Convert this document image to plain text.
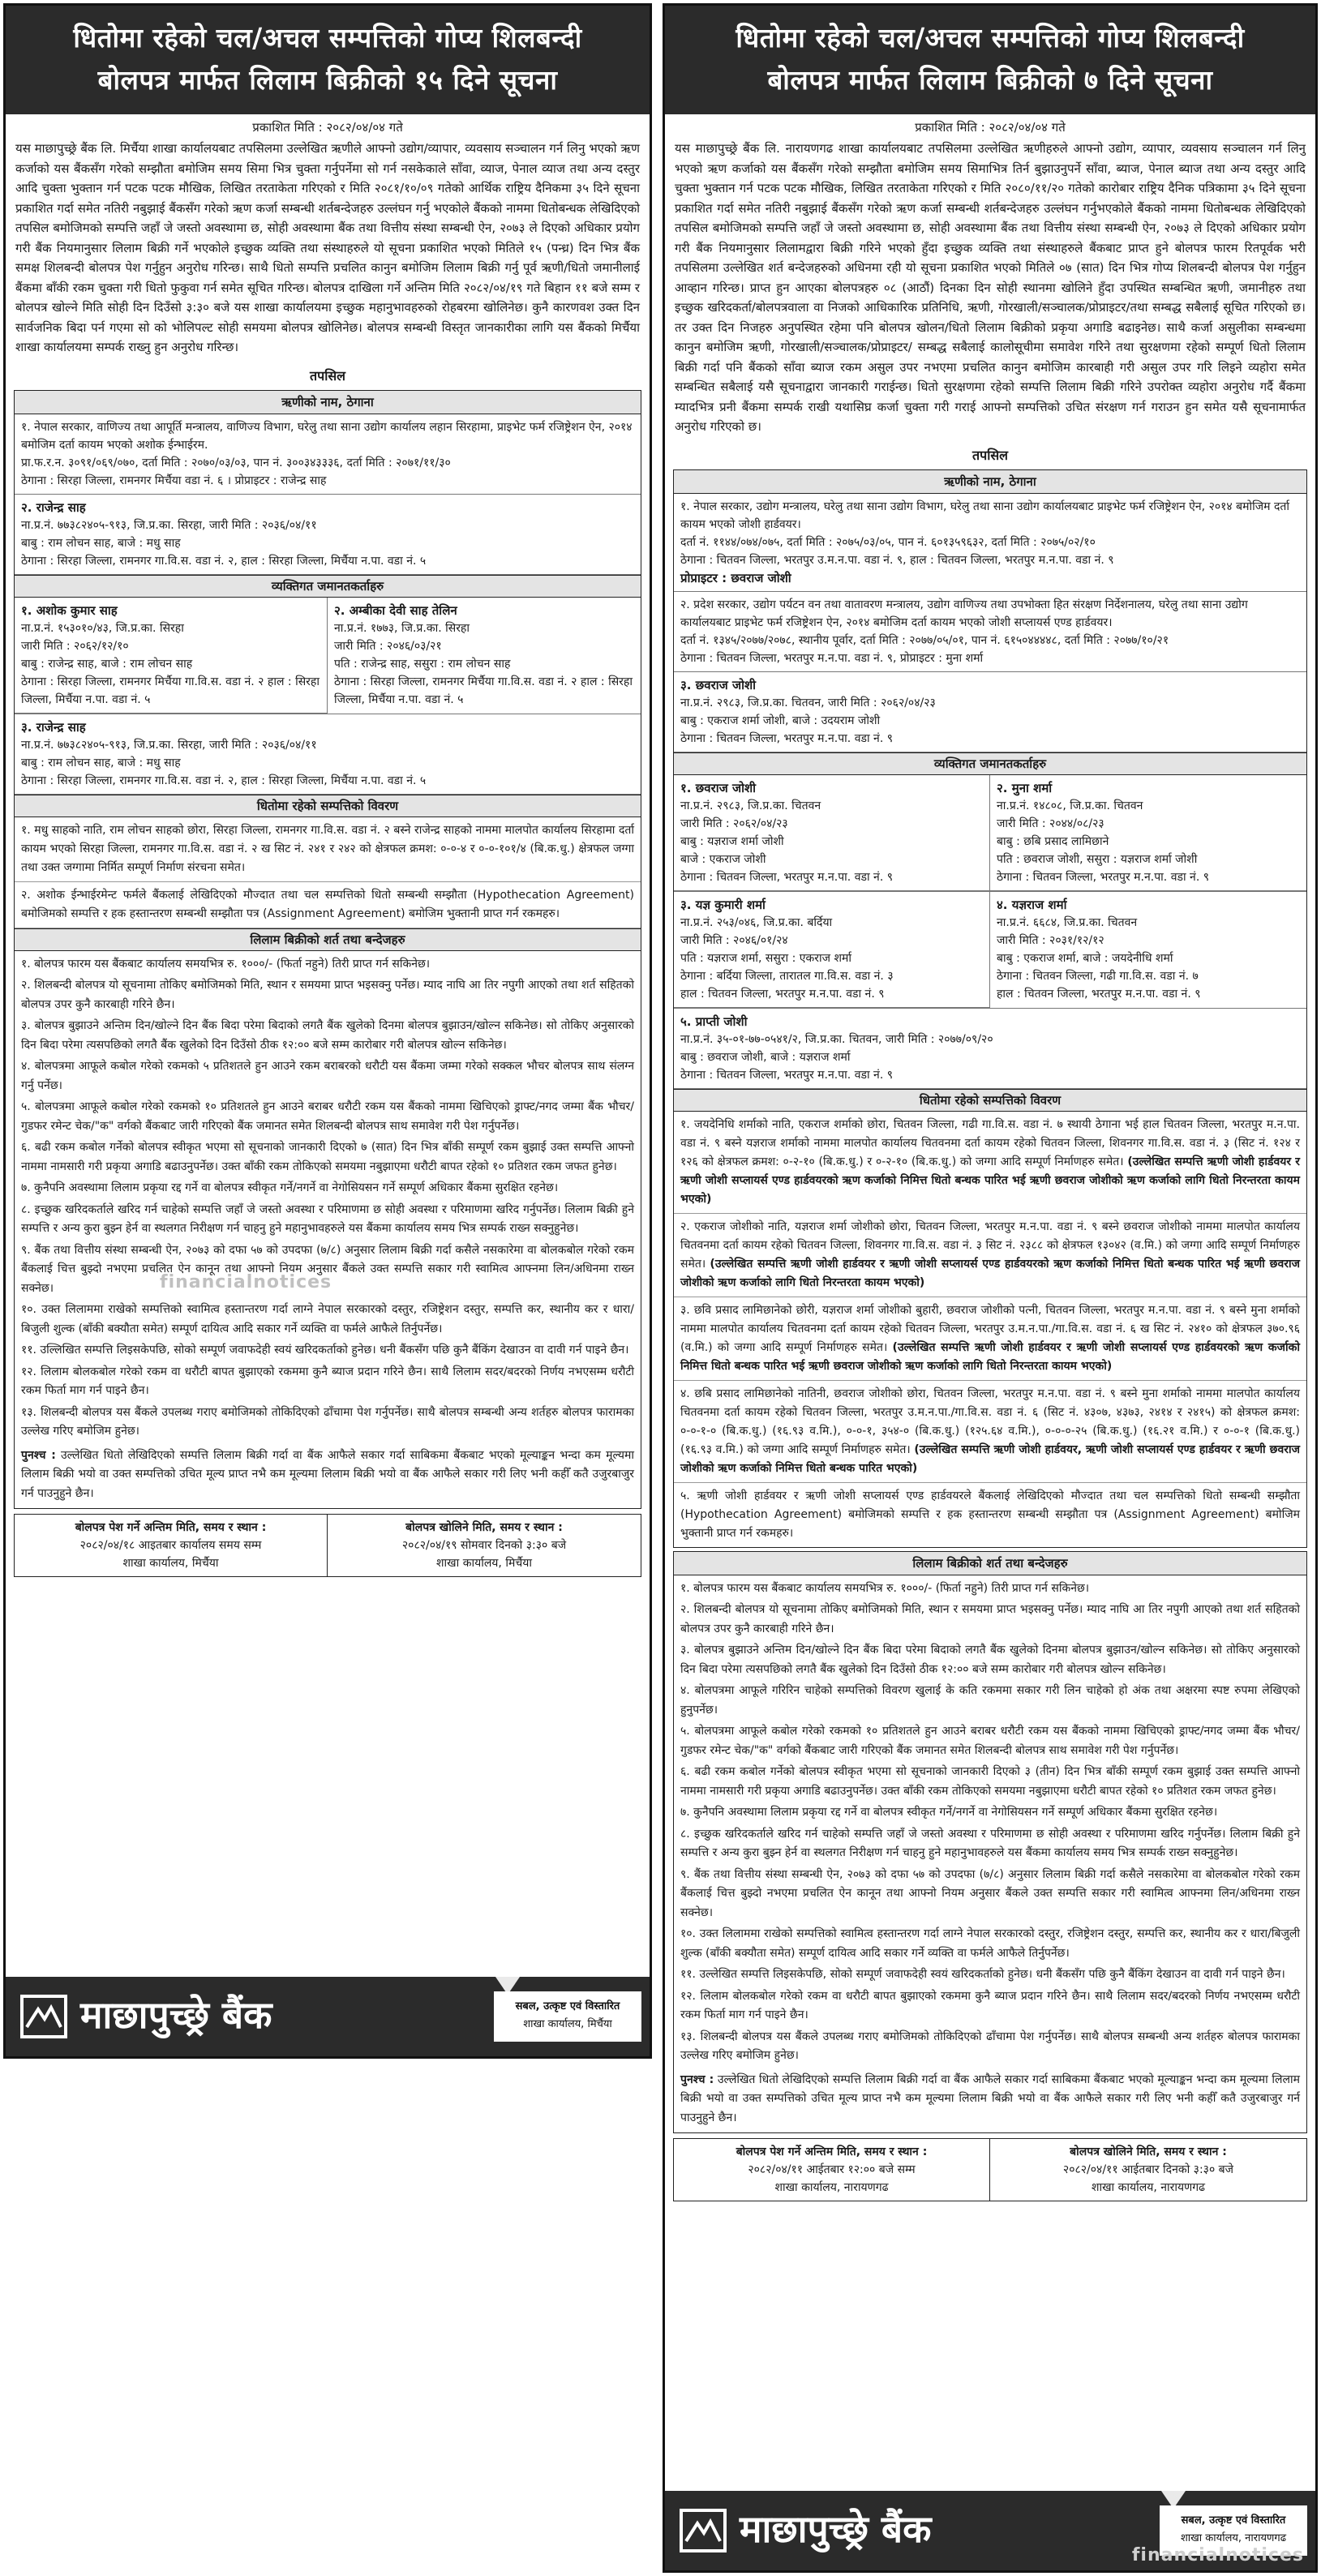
धितोमा रहेको चल/अचल सम्पत्तिको गोप्य शिलबन्दी
बोलपत्र मार्फत लिलाम बिक्रीको १५ दिने सूचना
प्रकाशित मिति : २०८२/०४/०४ गते
यस माछापुच्छ्रे बैंक लि. मिर्चैया शाखा कार्यालयबाट तपसिलमा उल्लेखित ऋणीले आफ्नो उद्योग/व्यापार, व्यवसाय सञ्चालन गर्न लिनु भएको ऋण कर्जाको यस बैंकसँग गरेको सम्झौता बमोजिम समय सिमा भित्र चुक्ता गर्नुपर्नेमा सो गर्न नसकेकाले साँवा, व्याज, पेनाल व्याज तथा अन्य दस्तुर आदि चुक्ता भुक्तान गर्न पटक पटक मौखिक, लिखित तरताकेता गरिएको र मिति २०८१/१०/०९ गतेको आर्थिक राष्ट्रिय दैनिकमा ३५ दिने सूचना प्रकाशित गर्दा समेत नतिरी नबुझाई बैंकसँग गरेको ऋण कर्जा सम्बन्धी शर्तबन्देजहरु उल्लंघन गर्नु भएकोले बैंकको नाममा धितोबन्धक लेखिदिएको तपसिल बमोजिमको सम्पत्ति जहाँ जे जस्तो अवस्थामा छ, सोही अवस्थामा बैंक तथा वित्तीय संस्था सम्बन्धी ऐन, २०७३ ले दिएको अधिकार प्रयोग गरी बैंक नियमानुसार लिलाम बिक्री गर्ने भएकोले इच्छुक व्यक्ति तथा संस्थाहरुले यो सूचना प्रकाशित भएको मितिले १५ (पन्ध्र) दिन भित्र बैंक समक्ष शिलबन्दी बोलपत्र पेश गर्नुहुन अनुरोध गरिन्छ। साथै धितो सम्पत्ति प्रचलित कानुन बमोजिम लिलाम बिक्री गर्नु पूर्व ऋणी/धितो जमानीलाई बैंकमा बाँकी रकम चुक्ता गरी धितो फुकुवा गर्न समेत सूचित गरिन्छ। बोलपत्र दाखिला गर्ने अन्तिम मिति २०८२/०४/१९ गते बिहान ११ बजे सम्म र बोलपत्र खोल्ने मिति सोही दिन दिउँसो ३:३० बजे यस शाखा कार्यालयमा इच्छुक महानुभावहरुको रोहबरमा खोलिनेछ। कुनै कारणवश उक्त दिन सार्वजनिक बिदा पर्न गएमा सो को भोलिपल्ट सोही समयमा बोलपत्र खोलिनेछ। बोलपत्र सम्बन्धी विस्तृत जानकारीका लागि यस बैंकको मिर्चैया शाखा कार्यालयमा सम्पर्क राख्नु हुन अनुरोध गरिन्छ।
तपसिल
ऋणीको नाम, ठेगाना
१. नेपाल सरकार, वाणिज्य तथा आपूर्ति मन्त्रालय, वाणिज्य विभाग, घरेलु तथा साना उद्योग कार्यालय लहान सिरहामा, प्राइभेट फर्म रजिष्ट्रेशन ऐन, २०१४ बमोजिम दर्ता कायम भएको अशोक ईन्भाईरम.
प्रा.फ.र.न. ३०९१/०६९/०७०, दर्ता मिति : २०७०/०३/०३, पान नं. ३००३४३३३६, दर्ता मिति : २०७१/११/३०
ठेगाना : सिरहा जिल्ला, रामनगर मिर्चैया वडा नं. ६ । प्रोप्राइटर : राजेन्द्र साह
२. राजेन्द्र साह
ना.प्र.नं. ७७३८२४०५-९१३, जि.प्र.का. सिरहा, जारी मिति : २०३६/०४/११
बाबु : राम लोचन साह, बाजे : मधु साह
ठेगाना : सिरहा जिल्ला, रामनगर गा.वि.स. वडा नं. २, हाल : सिरहा जिल्ला, मिर्चैया न.पा. वडा नं. ५
व्यक्तिगत जमानतकर्ताहरु
१. अशोक कुमार साह
ना.प्र.नं. १५३०१०/४३, जि.प्र.का. सिरहा
जारी मिति : २०६२/१२/१०
बाबु : राजेन्द्र साह, बाजे : राम लोचन साह
ठेगाना : सिरहा जिल्ला, रामनगर मिर्चैया गा.वि.स. वडा नं. २ हाल : सिरहा जिल्ला, मिर्चैया न.पा. वडा नं. ५
२. अम्बीका देवी साह तेलिन
ना.प्र.नं. १७७३, जि.प्र.का. सिरहा
जारी मिति : २०४६/०३/२१
पति : राजेन्द्र साह, ससुरा : राम लोचन साह
ठेगाना : सिरहा जिल्ला, रामनगर मिर्चैया गा.वि.स. वडा नं. २ हाल : सिरहा जिल्ला, मिर्चैया न.पा. वडा नं. ५
३. राजेन्द्र साह
ना.प्र.नं. ७७३८२४०५-९१३, जि.प्र.का. सिरहा, जारी मिति : २०३६/०४/११
बाबु : राम लोचन साह, बाजे : मधु साह
ठेगाना : सिरहा जिल्ला, रामनगर गा.वि.स. वडा नं. २, हाल : सिरहा जिल्ला, मिर्चैया न.पा. वडा नं. ५
धितोमा रहेको सम्पत्तिको विवरण
१. मधु साहको नाति, राम लोचन साहको छोरा, सिरहा जिल्ला, रामनगर गा.वि.स. वडा नं. २ बस्ने राजेन्द्र साहको नाममा मालपोत कार्यालय सिरहामा दर्ता कायम भएको सिरहा जिल्ला, रामनगर गा.वि.स. वडा नं. २ ख सिट नं. २४१ र २४२ को क्षेत्रफल क्रमश: ०-०-४ र ०-०-१०१/४ (बि.क.धु.) क्षेत्रफल जग्गा तथा उक्त जग्गामा निर्मित सम्पूर्ण निर्माण संरचना समेत।
२. अशोक ईन्भाईरमेन्ट फर्मले बैंकलाई लेखिदिएको मौज्दात तथा चल सम्पत्तिको धितो सम्बन्धी सम्झौता (Hypothecation Agreement) बमोजिमको सम्पत्ति र हक हस्तान्तरण सम्बन्धी सम्झौता पत्र (Assignment Agreement) बमोजिम भुक्तानी प्राप्त गर्न रकमहरु।
लिलाम बिक्रीको शर्त तथा बन्देजहरु
१. बोलपत्र फारम यस बैंकबाट कार्यालय समयभित्र रु. १०००/- (फिर्ता नहुने) तिरी प्राप्त गर्न सकिनेछ।
२. शिलबन्दी बोलपत्र यो सूचनामा तोकिए बमोजिमको मिति, स्थान र समयमा प्राप्त भइसक्नु पर्नेछ। म्याद नाघि आ तिर नपुगी आएको तथा शर्त सहितको बोलपत्र उपर कुनै कारबाही गरिने छैन।
३. बोलपत्र बुझाउने अन्तिम दिन/खोल्ने दिन बैंक बिदा परेमा बिदाको लगतै बैंक खुलेको दिनमा बोलपत्र बुझाउन/खोल्न सकिनेछ। सो तोकिए अनुसारको दिन बिदा परेमा त्यसपछिको लगतै बैंक खुलेको दिन दिउँसो ठीक १२:०० बजे सम्म कारोबार गरी बोलपत्र खोल्न सकिनेछ।
४. बोलपत्रमा आफूले कबोल गरेको रकमको ५ प्रतिशतले हुन आउने रकम बराबरको धरौटी यस बैंकमा जम्मा गरेको सक्कल भौचर बोलपत्र साथ संलग्न गर्नु पर्नेछ।
५. बोलपत्रमा आफूले कबोल गरेको रकमको १० प्रतिशतले हुन आउने बराबर धरौटी रकम यस बैंकको नाममा खिचिएको ड्राफ्ट/नगद जम्मा बैंक भौचर/गुडफर रमेन्ट चेक/"क" वर्गको बैंकबाट जारी गरिएको बैंक जमानत समेत शिलबन्दी बोलपत्र साथ समावेश गरी पेश गर्नुपर्नेछ।
६. बढी रकम कबोल गर्नेको बोलपत्र स्वीकृत भएमा सो सूचनाको जानकारी दिएको ७ (सात) दिन भित्र बाँकी सम्पूर्ण रकम बुझाई उक्त सम्पत्ति आफ्नो नाममा नामसारी गरी प्रकृया अगाडि बढाउनुपर्नेछ। उक्त बाँकी रकम तोकिएको समयमा नबुझाएमा धरौटी बापत रहेको १० प्रतिशत रकम जफत हुनेछ।
७. कुनैपनि अवस्थामा लिलाम प्रकृया रद्द गर्ने वा बोलपत्र स्वीकृत गर्ने/नगर्ने वा नेगोसियसन गर्ने सम्पूर्ण अधिकार बैंकमा सुरक्षित रहनेछ।
८. इच्छुक खरिदकर्ताले खरिद गर्न चाहेको सम्पत्ति जहाँ जे जस्तो अवस्था र परिमाणमा छ सोही अवस्था र परिमाणमा खरिद गर्नुपर्नेछ। लिलाम बिक्री हुने सम्पत्ति र अन्य कुरा बुझ्न हेर्न वा स्थलगत निरीक्षण गर्न चाहनु हुने महानुभावहरुले यस बैंकमा कार्यालय समय भित्र सम्पर्क राख्न सक्नुहुनेछ।
९. बैंक तथा वित्तीय संस्था सम्बन्धी ऐन, २०७३ को दफा ५७ को उपदफा (७/८) अनुसार लिलाम बिक्री गर्दा कसैले नसकारेमा वा बोलकबोल गरेको रकम बैंकलाई चित्त बुझ्दो नभएमा प्रचलित ऐन कानून तथा आफ्नो नियम अनुसार बैंकले उक्त सम्पत्ति सकार गरी स्वामित्व आफ्नमा लिन/अधिनमा राख्न सक्नेछ।
१०. उक्त लिलाममा राखेको सम्पत्तिको स्वामित्व हस्तान्तरण गर्दा लाग्ने नेपाल सरकारको दस्तुर, रजिष्ट्रेशन दस्तुर, सम्पत्ति कर, स्थानीय कर र धारा/बिजुली शुल्क (बाँकी बक्यौता समेत) सम्पूर्ण दायित्व आदि सकार गर्ने व्यक्ति वा फर्मले आफैले तिर्नुपर्नेछ।
११. उल्लिखित सम्पत्ति लिइसकेपछि, सोको सम्पूर्ण जवाफदेही स्वयं खरिदकर्ताको हुनेछ। धनी बैंकसँग पछि कुनै बैंकिंग देखाउन वा दावी गर्न पाइने छैन।
१२. लिलाम बोलकबोल गरेको रकम वा धरौटी बापत बुझाएको रकममा कुनै ब्याज प्रदान गरिने छैन। साथै लिलाम सदर/बदरको निर्णय नभएसम्म धरौटी रकम फिर्ता माग गर्न पाइने छैन।
१३. शिलबन्दी बोलपत्र यस बैंकले उपलब्ध गराए बमोजिमको तोकिदिएको ढाँचामा पेश गर्नुपर्नेछ। साथै बोलपत्र सम्बन्धी अन्य शर्तहरु बोलपत्र फारामका उल्लेख गरिए बमोजिम हुनेछ।
पुनश्च : उल्लेखित धितो लेखिदिएको सम्पत्ति लिलाम बिक्री गर्दा वा बैंक आफैले सकार गर्दा साबिकमा बैंकबाट भएको मूल्याङ्कन भन्दा कम मूल्यमा लिलाम बिक्री भयो वा उक्त सम्पत्तिको उचित मूल्य प्राप्त नभै कम मूल्यमा लिलाम बिक्री भयो वा बैंक आफैले सकार गरी लिए भनी कहीँ कतै उजुरबाजुर गर्न पाउनुहुने छैन।
बोलपत्र पेश गर्ने अन्तिम मिति, समय र स्थान :
२०८२/०४/१८ आइतबार कार्यालय समय सम्म
शाखा कार्यालय, मिर्चैया
बोलपत्र खोलिने मिति, समय र स्थान :
२०८२/०४/१९ सोमवार दिनको ३:३० बजे
शाखा कार्यालय, मिर्चैया
financialnotices
माछापुच्छ्रे बैंक	सबल, उत्कृष्ट एवं विस्तारित
शाखा कार्यालय, मिर्चैया
धितोमा रहेको चल/अचल सम्पत्तिको गोप्य शिलबन्दी
बोलपत्र मार्फत लिलाम बिक्रीको ७ दिने सूचना
प्रकाशित मिति : २०८२/०४/०४ गते
यस माछापुच्छ्रे बैंक लि. नारायणगढ शाखा कार्यालयबाट तपसिलमा उल्लेखित ऋणीहरुले आफ्नो उद्योग, व्यापार, व्यवसाय सञ्चालन गर्न लिनु भएको ऋण कर्जाको यस बैंकसँग गरेको सम्झौता बमोजिम समय सिमाभित्र तिर्न बुझाउनुपर्ने साँवा, ब्याज, पेनाल ब्याज तथा अन्य दस्तुर आदि चुक्ता भुक्तान गर्न पटक पटक मौखिक, लिखित तरताकेता गरिएको र मिति २०८०/११/२० गतेको कारोबार राष्ट्रिय दैनिक पत्रिकामा ३५ दिने सूचना प्रकाशित गर्दा समेत नतिरी नबुझाई बैंकसँग गरेको ऋण कर्जा सम्बन्धी शर्तबन्देजहरु उल्लंघन गर्नुभएकोले बैंकको नाममा धितोबन्धक लेखिदिएको तपसिल बमोजिमको सम्पत्ति जहाँ जे जस्तो अवस्थामा छ, सोही अवस्थामा बैंक तथा वित्तीय संस्था सम्बन्धी ऐन, २०७३ ले दिएको अधिकार प्रयोग गरी बैंक नियमानुसार लिलामद्वारा बिक्री गरिने भएको हुँदा इच्छुक व्यक्ति तथा संस्थाहरुले बैंकबाट प्राप्त हुने बोलपत्र फारम रितपूर्वक भरी तपसिलमा उल्लेखित शर्त बन्देजहरुको अधिनमा रही यो सूचना प्रकाशित भएको मितिले ०७ (सात) दिन भित्र गोप्य शिलबन्दी बोलपत्र पेश गर्नुहुन आव्हान गरिन्छ। प्राप्त हुन आएका बोलपत्रहरु ०८ (आठौं) दिनका दिन सोही स्थानमा खोलिने हुँदा उपस्थित सम्बन्धित ऋणी, जमानीहरु तथा इच्छुक खरिदकर्ता/बोलपत्रवाला वा निजको आधिकारिक प्रतिनिधि, ऋणी, गोरखाली/सञ्चालक/प्रोप्राइटर/तथा सम्बद्ध सबैलाई सूचित गरिएको छ। तर उक्त दिन निजहरु अनुपस्थित रहेमा पनि बोलपत्र खोलन/धितो लिलाम बिक्रीको प्रकृया अगाडि बढाइनेछ। साथै कर्जा असुलीका सम्बन्धमा कानुन बमोजिम ऋणी, गोरखाली/सञ्चालक/प्रोप्राइटर/ सम्बद्ध सबैलाई कालोसूचीमा समावेश गरिने तथा सुरक्षणमा रहेको सम्पूर्ण धितो लिलाम बिक्री गर्दा पनि बैंकको साँवा ब्याज रकम असुल उपर नभएमा प्रचलित कानुन बमोजिम कारबाही गरी असुल उपर गरि लिइने व्यहोरा समेत सम्बन्धित सबैलाई यसै सूचनाद्वारा जानकारी गराईन्छ। धितो सुरक्षणमा रहेको सम्पत्ति लिलाम बिक्री गरिने उपरोक्त व्यहोरा अनुरोध गर्दै बैंकमा म्यादभित्र प्रनी बैंकमा सम्पर्क राखी यथासिघ्र कर्जा चुक्ता गरी गराई आफ्नो सम्पत्तिको उचित संरक्षण गर्न गराउन हुन समेत यसै सूचनामार्फत अनुरोध गरिएको छ।
तपसिल
ऋणीको नाम, ठेगाना
१. नेपाल सरकार, उद्योग मन्त्रालय, घरेलु तथा साना उद्योग विभाग, घरेलु तथा साना उद्योग कार्यालयबाट प्राइभेट फर्म रजिष्ट्रेशन ऐन, २०१४ बमोजिम दर्ता कायम भएको जोशी हार्डवयर।
दर्ता नं. ११४४/०७४/०७५, दर्ता मिति : २०७५/०३/०५, पान नं. ६०१३५९६३२, दर्ता मिति : २०७५/०२/१०
ठेगाना : चितवन जिल्ला, भरतपुर उ.म.न.पा. वडा नं. ९, हाल : चितवन जिल्ला, भरतपुर म.न.पा. वडा नं. ९
प्रोप्राइटर : छवराज जोशी
२. प्रदेश सरकार, उद्योग पर्यटन वन तथा वातावरण मन्त्रालय, उद्योग वाणिज्य तथा उपभोक्ता हित संरक्षण निर्देशनालय, घरेलु तथा साना उद्योग कार्यालयबाट प्राइभेट फर्म रजिष्ट्रेशन ऐन, २०१४ बमोजिम दर्ता कायम भएको जोशी सप्लायर्स एण्ड हार्डवयर।
दर्ता नं. १३४५/२०७७/२०७८, स्थानीय पूर्वार, दर्ता मिति : २०७७/०५/०१, पान नं. ६१५०४४४४८, दर्ता मिति : २०७७/१०/२१
ठेगाना : चितवन जिल्ला, भरतपुर म.न.पा. वडा नं. ९, प्रोप्राइटर : मुना शर्मा
३. छवराज जोशी
ना.प्र.नं. २९८३, जि.प्र.का. चितवन, जारी मिति : २०६२/०४/२३
बाबु : एकराज शर्मा जोशी, बाजे : उदयराम जोशी
ठेगाना : चितवन जिल्ला, भरतपुर म.न.पा. वडा नं. ९
व्यक्तिगत जमानतकर्ताहरु
१. छवराज जोशी
ना.प्र.नं. २९८३, जि.प्र.का. चितवन
जारी मिति : २०६२/०४/२३
बाबु : यज्ञराज शर्मा जोशी
बाजे : एकराज जोशी
ठेगाना : चितवन जिल्ला, भरतपुर म.न.पा. वडा नं. ९
२. मुना शर्मा
ना.प्र.नं. १४८०८, जि.प्र.का. चितवन
जारी मिति : २०४४/०८/२३
बाबु : छबि प्रसाद लामिछाने
पति : छवराज जोशी, ससुरा : यज्ञराज शर्मा जोशी
ठेगाना : चितवन जिल्ला, भरतपुर म.न.पा. वडा नं. ९
३. यज्ञ कुमारी शर्मा
ना.प्र.नं. २५३/०४६, जि.प्र.का. बर्दिया
जारी मिति : २०४६/०१/२४
पति : यज्ञराज शर्मा, ससुरा : एकराज शर्मा
ठेगाना : बर्दिया जिल्ला, तारातल गा.वि.स. वडा नं. ३
हाल : चितवन जिल्ला, भरतपुर म.न.पा. वडा नं. ९
४. यज्ञराज शर्मा
ना.प्र.नं. ६६८४, जि.प्र.का. चितवन
जारी मिति : २०३१/१२/१२
बाबु : एकराज शर्मा, बाजे : जयदेनीधि शर्मा
ठेगाना : चितवन जिल्ला, गढी गा.वि.स. वडा नं. ७
हाल : चितवन जिल्ला, भरतपुर म.न.पा. वडा नं. ९
५. प्राप्ती जोशी
ना.प्र.नं. ३५-०१-७७-०५४१/२, जि.प्र.का. चितवन, जारी मिति : २०७७/०९/२०
बाबु : छवराज जोशी, बाजे : यज्ञराज शर्मा
ठेगाना : चितवन जिल्ला, भरतपुर म.न.पा. वडा नं. ९
धितोमा रहेको सम्पत्तिको विवरण
१. जयदेनिधि शर्माको नाति, एकराज शर्माको छोरा, चितवन जिल्ला, गढी गा.वि.स. वडा नं. ७ स्थायी ठेगाना भई हाल चितवन जिल्ला, भरतपुर म.न.पा. वडा नं. ९ बस्ने यज्ञराज शर्माको नाममा मालपोत कार्यालय चितवनमा दर्ता कायम रहेको चितवन जिल्ला, शिवनगर गा.वि.स. वडा नं. ३ (सिट नं. १२४ र १२६ को क्षेत्रफल क्रमश: ०-२-१० (बि.क.धु.) र ०-२-१० (बि.क.धु.) को जग्गा आदि सम्पूर्ण निर्माणहरु समेत। (उल्लेखित सम्पत्ति ऋणी जोशी हार्डवयर र ऋणी जोशी सप्लायर्स एण्ड हार्डवयरको ऋण कर्जाको निमित्त धितो बन्धक पारित भई ऋणी छवराज जोशीको ऋण कर्जाको लागि धितो निरन्तरता कायम भएको)
२. एकराज जोशीको नाति, यज्ञराज शर्मा जोशीको छोरा, चितवन जिल्ला, भरतपुर म.न.पा. वडा नं. ९ बस्ने छवराज जोशीको नाममा मालपोत कार्यालय चितवनमा दर्ता कायम रहेको चितवन जिल्ला, शिवनगर गा.वि.स. वडा नं. ३ सिट नं. २३८८ को क्षेत्रफल १३०४२ (व.मि.) को जग्गा आदि सम्पूर्ण निर्माणहरु समेत। (उल्लेखित सम्पत्ति ऋणी जोशी हार्डवयर र ऋणी जोशी सप्लायर्स एण्ड हार्डवयरको ऋण कर्जाको निमित्त धितो बन्धक पारित भई ऋणी छवराज जोशीको ऋण कर्जाको लागि धितो निरन्तरता कायम भएको)
३. छवि प्रसाद लामिछानेको छोरी, यज्ञराज शर्मा जोशीको बुहारी, छवराज जोशीको पत्नी, चितवन जिल्ला, भरतपुर म.न.पा. वडा नं. ९ बस्ने मुना शर्माको नाममा मालपोत कार्यालय चितवनमा दर्ता कायम रहेको चितवन जिल्ला, भरतपुर उ.म.न.पा./गा.वि.स. वडा नं. ६ ख सिट नं. २४१० को क्षेत्रफल ३७०.९६ (व.मि.) को जग्गा आदि सम्पूर्ण निर्माणहरु समेत। (उल्लेखित सम्पत्ति ऋणी जोशी हार्डवयर र ऋणी जोशी सप्लायर्स एण्ड हार्डवयरको ऋण कर्जाको निमित्त धितो बन्धक पारित भई ऋणी छवराज जोशीको ऋण कर्जाको लागि धितो निरन्तरता कायम भएको)
४. छबि प्रसाद लामिछानेको नातिनी, छवराज जोशीको छोरा, चितवन जिल्ला, भरतपुर म.न.पा. वडा नं. ९ बस्ने मुना शर्माको नाममा मालपोत कार्यालय चितवनमा दर्ता कायम रहेको चितवन जिल्ला, भरतपुर उ.म.न.पा./गा.वि.स. वडा नं. ६ (सिट नं. ४३०७, ४३७३, २४१४ र २४१५) को क्षेत्रफल क्रमश: ०-०-१-० (बि.क.धु.) (१६.९३ व.मि.), ०-०-१, ३५४-० (बि.क.धु.) (१२५.६४ व.मि.), ०-०-०-२५ (बि.क.धु.) (१६.२१ व.मि.) र ०-०-१ (बि.क.धु.) (१६.९३ व.मि.) को जग्गा आदि सम्पूर्ण निर्माणहरु समेत। (उल्लेखित सम्पत्ति ऋणी जोशी हार्डवयर, ऋणी जोशी सप्लायर्स एण्ड हार्डवयर र ऋणी छवराज जोशीको ऋण कर्जाको निमित्त धितो बन्धक पारित भएको)
५. ऋणी जोशी हार्डवयर र ऋणी जोशी सप्लायर्स एण्ड हार्डवयरले बैंकलाई लेखिदिएको मौज्दात तथा चल सम्पत्तिको धितो सम्बन्धी सम्झौता (Hypothecation Agreement) बमोजिमको सम्पत्ति र हक हस्तान्तरण सम्बन्धी सम्झौता पत्र (Assignment Agreement) बमोजिम भुक्तानी प्राप्त गर्न रकमहरु।
लिलाम बिक्रीको शर्त तथा बन्देजहरु
१. बोलपत्र फारम यस बैंकबाट कार्यालय समयभित्र रु. १०००/- (फिर्ता नहुने) तिरी प्राप्त गर्न सकिनेछ।
२. शिलबन्दी बोलपत्र यो सूचनामा तोकिए बमोजिमको मिति, स्थान र समयमा प्राप्त भइसक्नु पर्नेछ। म्याद नाघि आ तिर नपुगी आएको तथा शर्त सहितको बोलपत्र उपर कुनै कारबाही गरिने छैन।
३. बोलपत्र बुझाउने अन्तिम दिन/खोल्ने दिन बैंक बिदा परेमा बिदाको लगतै बैंक खुलेको दिनमा बोलपत्र बुझाउन/खोल्न सकिनेछ। सो तोकिए अनुसारको दिन बिदा परेमा त्यसपछिको लगतै बैंक खुलेको दिन दिउँसो ठीक १२:०० बजे सम्म कारोबार गरी बोलपत्र खोल्न सकिनेछ।
४. बोलपत्रमा आफूले गरिरिन चाहेको सम्पत्तिको विवरण खुलाई के कति रकममा सकार गरी लिन चाहेको हो अंक तथा अक्षरमा स्पष्ट रुपमा लेखिएको हुनुपर्नेछ।
५. बोलपत्रमा आफूले कबोल गरेको रकमको १० प्रतिशतले हुन आउने बराबर धरौटी रकम यस बैंकको नाममा खिचिएको ड्राफ्ट/नगद जम्मा बैंक भौचर/गुडफर रमेन्ट चेक/"क" वर्गको बैंकबाट जारी गरिएको बैंक जमानत समेत शिलबन्दी बोलपत्र साथ समावेश गरी पेश गर्नुपर्नेछ।
६. बढी रकम कबोल गर्नेको बोलपत्र स्वीकृत भएमा सो सूचनाको जानकारी दिएको ३ (तीन) दिन भित्र बाँकी सम्पूर्ण रकम बुझाई उक्त सम्पत्ति आफ्नो नाममा नामसारी गरी प्रकृया अगाडि बढाउनुपर्नेछ। उक्त बाँकी रकम तोकिएको समयमा नबुझाएमा धरौटी बापत रहेको १० प्रतिशत रकम जफत हुनेछ।
७. कुनैपनि अवस्थामा लिलाम प्रकृया रद्द गर्ने वा बोलपत्र स्वीकृत गर्ने/नगर्ने वा नेगोसियसन गर्ने सम्पूर्ण अधिकार बैंकमा सुरक्षित रहनेछ।
८. इच्छुक खरिदकर्ताले खरिद गर्न चाहेको सम्पत्ति जहाँ जे जस्तो अवस्था र परिमाणमा छ सोही अवस्था र परिमाणमा खरिद गर्नुपर्नेछ। लिलाम बिक्री हुने सम्पत्ति र अन्य कुरा बुझ्न हेर्न वा स्थलगत निरीक्षण गर्न चाहनु हुने महानुभावहरुले यस बैंकमा कार्यालय समय भित्र सम्पर्क राख्न सक्नुहुनेछ।
९. बैंक तथा वित्तीय संस्था सम्बन्धी ऐन, २०७३ को दफा ५७ को उपदफा (७/८) अनुसार लिलाम बिक्री गर्दा कसैले नसकारेमा वा बोलकबोल गरेको रकम बैंकलाई चित्त बुझ्दो नभएमा प्रचलित ऐन कानून तथा आफ्नो नियम अनुसार बैंकले उक्त सम्पत्ति सकार गरी स्वामित्व आफ्नमा लिन/अधिनमा राख्न सक्नेछ।
१०. उक्त लिलाममा राखेको सम्पत्तिको स्वामित्व हस्तान्तरण गर्दा लाग्ने नेपाल सरकारको दस्तुर, रजिष्ट्रेशन दस्तुर, सम्पत्ति कर, स्थानीय कर र धारा/बिजुली शुल्क (बाँकी बक्यौता समेत) सम्पूर्ण दायित्व आदि सकार गर्ने व्यक्ति वा फर्मले आफैले तिर्नुपर्नेछ।
११. उल्लेखित सम्पत्ति लिइसकेपछि, सोको सम्पूर्ण जवाफदेही स्वयं खरिदकर्ताको हुनेछ। धनी बैंकसँग पछि कुनै बैंकिंग देखाउन वा दावी गर्न पाइने छैन।
१२. लिलाम बोलकबोल गरेको रकम वा धरौटी बापत बुझाएको रकममा कुनै ब्याज प्रदान गरिने छैन। साथै लिलाम सदर/बदरको निर्णय नभएसम्म धरौटी रकम फिर्ता माग गर्न पाइने छैन।
१३. शिलबन्दी बोलपत्र यस बैंकले उपलब्ध गराए बमोजिमको तोकिदिएको ढाँचामा पेश गर्नुपर्नेछ। साथै बोलपत्र सम्बन्धी अन्य शर्तहरु बोलपत्र फारामका उल्लेख गरिए बमोजिम हुनेछ।
पुनश्च : उल्लेखित धितो लेखिदिएको सम्पत्ति लिलाम बिक्री गर्दा वा बैंक आफैले सकार गर्दा साबिकमा बैंकबाट भएको मूल्याङ्कन भन्दा कम मूल्यमा लिलाम बिक्री भयो वा उक्त सम्पत्तिको उचित मूल्य प्राप्त नभै कम मूल्यमा लिलाम बिक्री भयो वा बैंक आफैले सकार गरी लिए भनी कहीँ कतै उजुरबाजुर गर्न पाउनुहुने छैन।
बोलपत्र पेश गर्ने अन्तिम मिति, समय र स्थान :
२०८२/०४/११ आईतबार १२:०० बजे सम्म
शाखा कार्यालय, नारायणगढ
बोलपत्र खोलिने मिति, समय र स्थान :
२०८२/०४/११ आईतबार दिनको ३:३० बजे
शाखा कार्यालय, नारायणगढ
माछापुच्छ्रे बैंक	सबल, उत्कृष्ट एवं विस्तारित
शाखा कार्यालय, नारायणगढ
financialnotices
